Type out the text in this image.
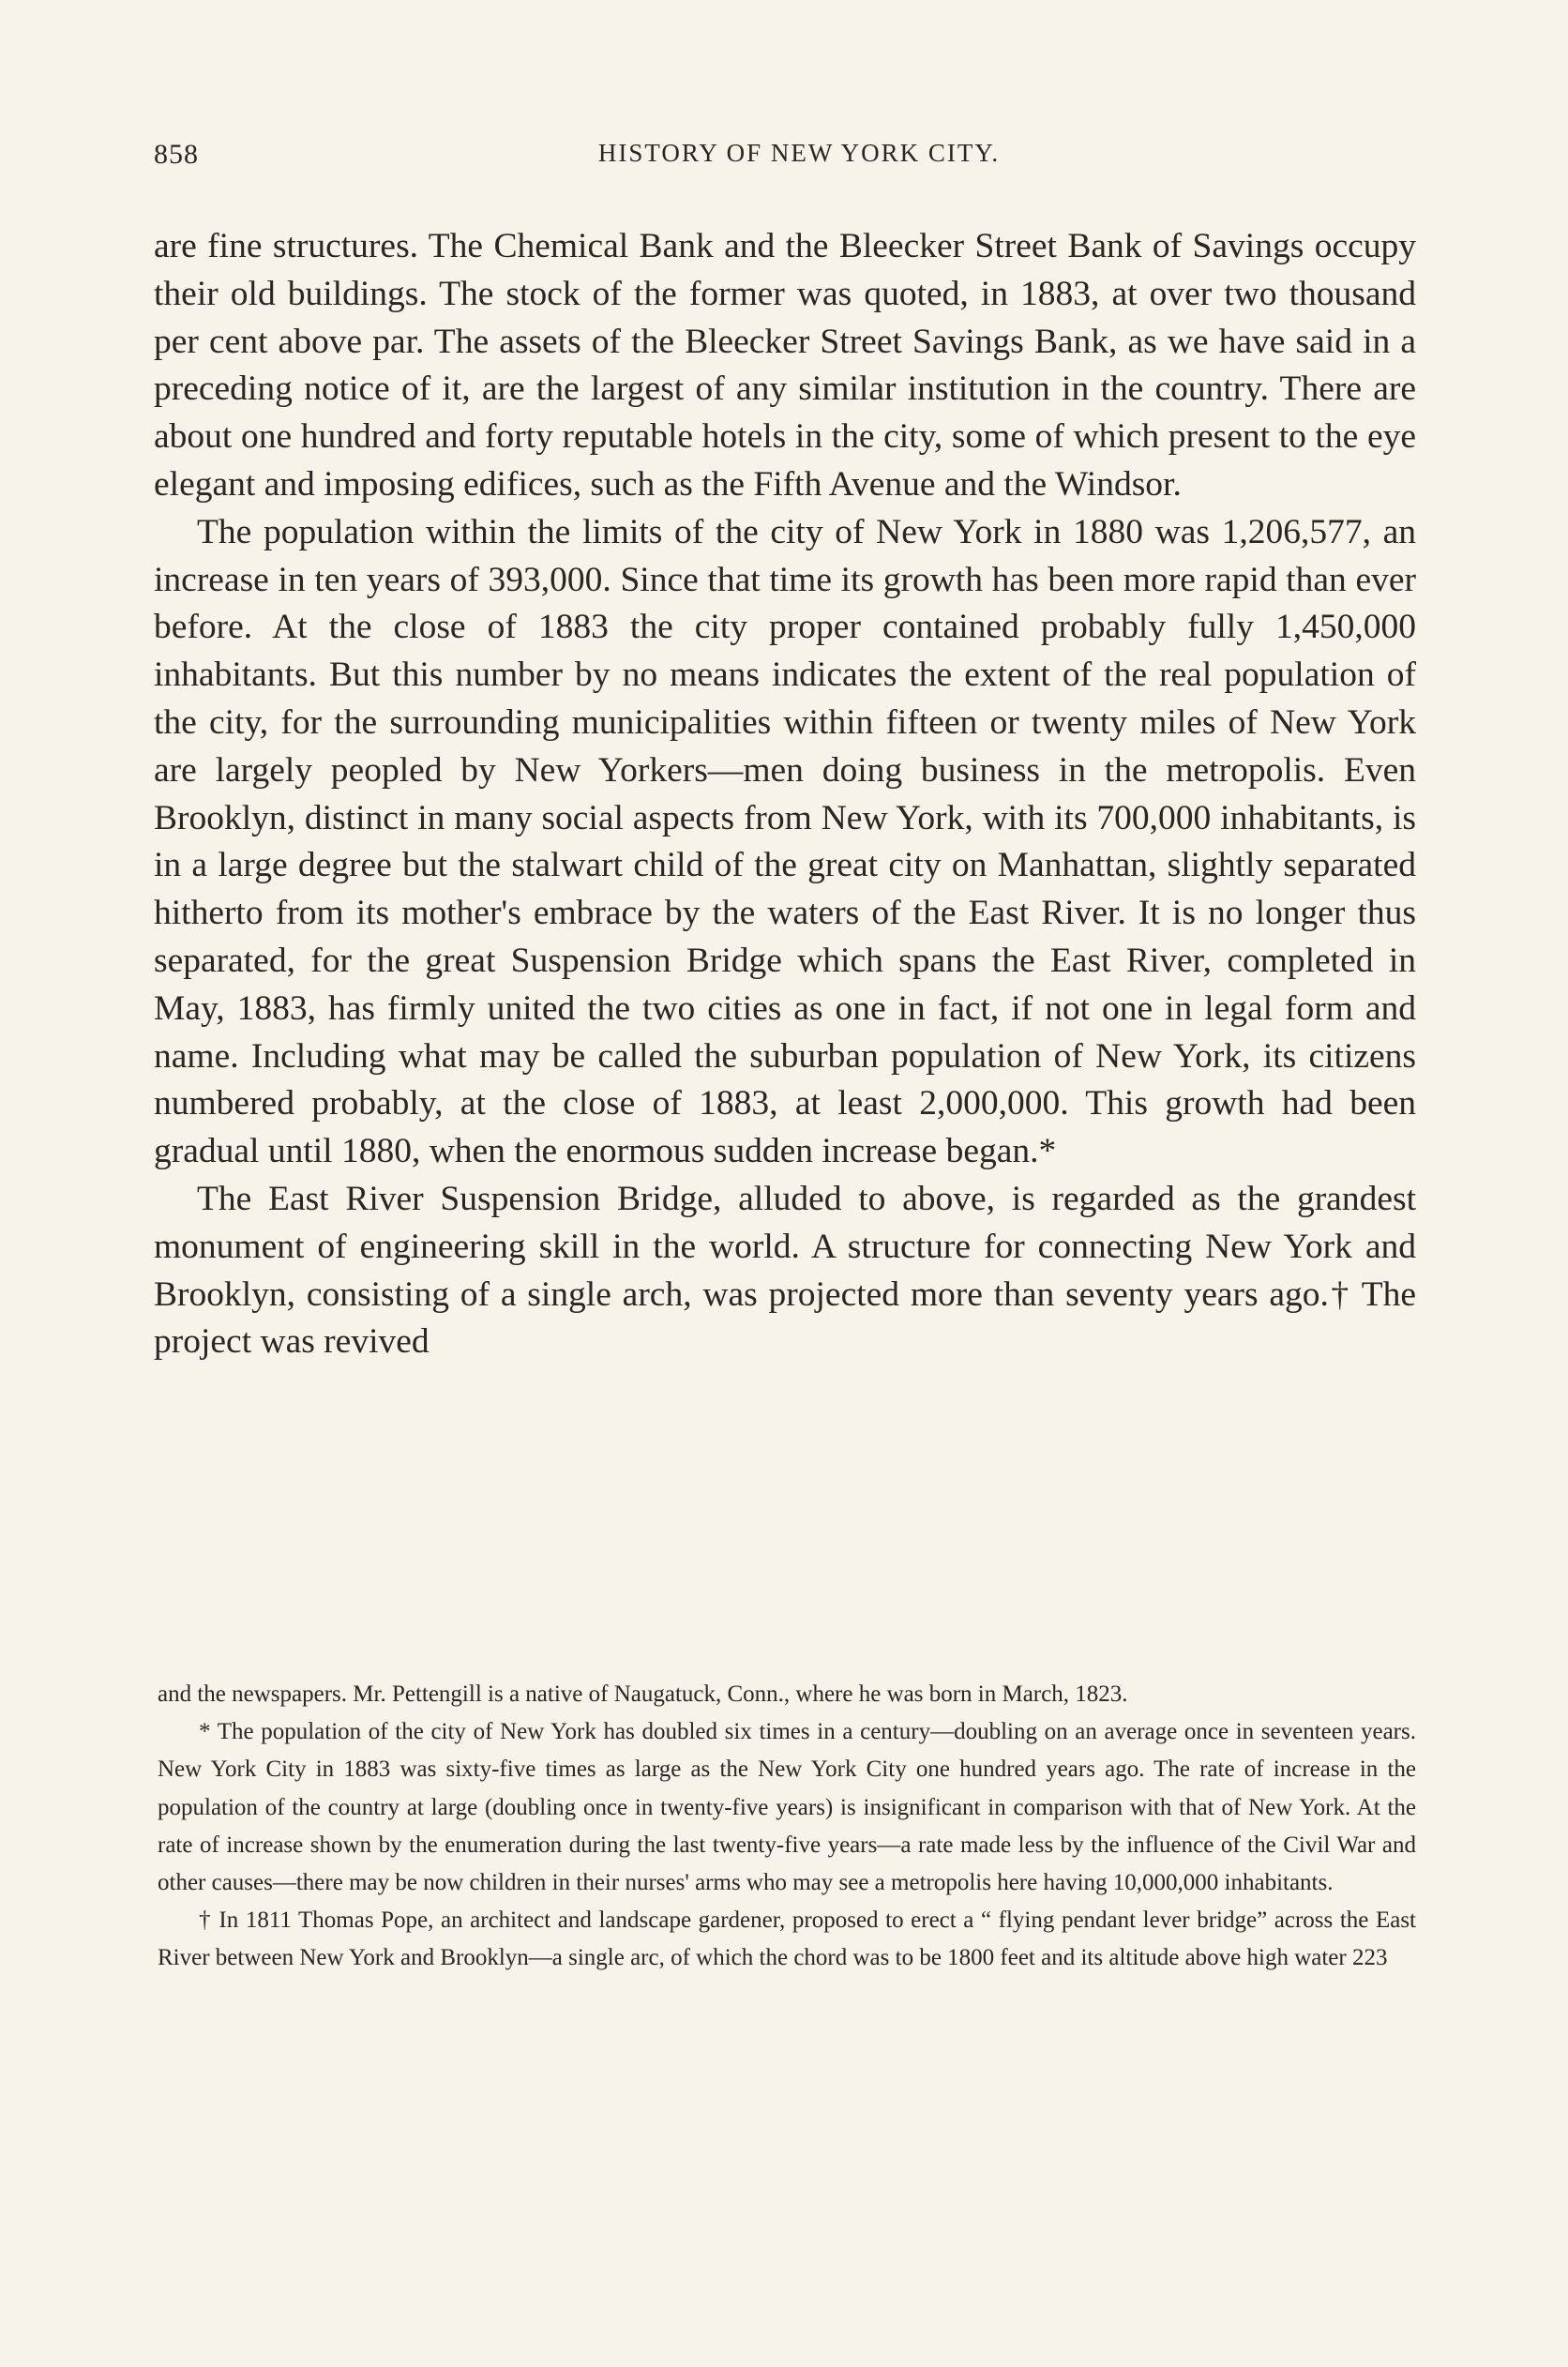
858	HISTORY OF NEW YORK CITY.

are fine structures. The Chemical Bank and the Bleecker Street Bank of Savings occupy their old buildings. The stock of the former was quoted, in 1883, at over two thousand per cent above par. The assets of the Bleecker Street Savings Bank, as we have said in a preceding notice of it, are the largest of any similar institution in the country. There are about one hundred and forty reputable hotels in the city, some of which present to the eye elegant and imposing edifices, such as the Fifth Avenue and the Windsor.

The population within the limits of the city of New York in 1880 was 1,206,577, an increase in ten years of 393,000. Since that time its growth has been more rapid than ever before. At the close of 1883 the city proper contained probably fully 1,450,000 inhabitants. But this number by no means indicates the extent of the real population of the city, for the surrounding municipalities within fifteen or twenty miles of New York are largely peopled by New Yorkers—men doing business in the metropolis. Even Brooklyn, distinct in many social aspects from New York, with its 700,000 inhabitants, is in a large degree but the stalwart child of the great city on Manhattan, slightly separated hitherto from its mother's embrace by the waters of the East River. It is no longer thus separated, for the great Suspension Bridge which spans the East River, completed in May, 1883, has firmly united the two cities as one in fact, if not one in legal form and name. Including what may be called the suburban population of New York, its citizens numbered probably, at the close of 1883, at least 2,000,000. This growth had been gradual until 1880, when the enormous sudden increase began.*

The East River Suspension Bridge, alluded to above, is regarded as the grandest monument of engineering skill in the world. A structure for connecting New York and Brooklyn, consisting of a single arch, was projected more than seventy years ago.† The project was revived

and the newspapers. Mr. Pettengill is a native of Naugatuck, Conn., where he was born in March, 1823.

* The population of the city of New York has doubled six times in a century—doubling on an average once in seventeen years. New York City in 1883 was sixty-five times as large as the New York City one hundred years ago. The rate of increase in the population of the country at large (doubling once in twenty-five years) is insignificant in comparison with that of New York. At the rate of increase shown by the enumeration during the last twenty-five years—a rate made less by the influence of the Civil War and other causes—there may be now children in their nurses' arms who may see a metropolis here having 10,000,000 inhabitants.

† In 1811 Thomas Pope, an architect and landscape gardener, proposed to erect a “ flying pendant lever bridge” across the East River between New York and Brooklyn—a single arc, of which the chord was to be 1800 feet and its altitude above high water 223
